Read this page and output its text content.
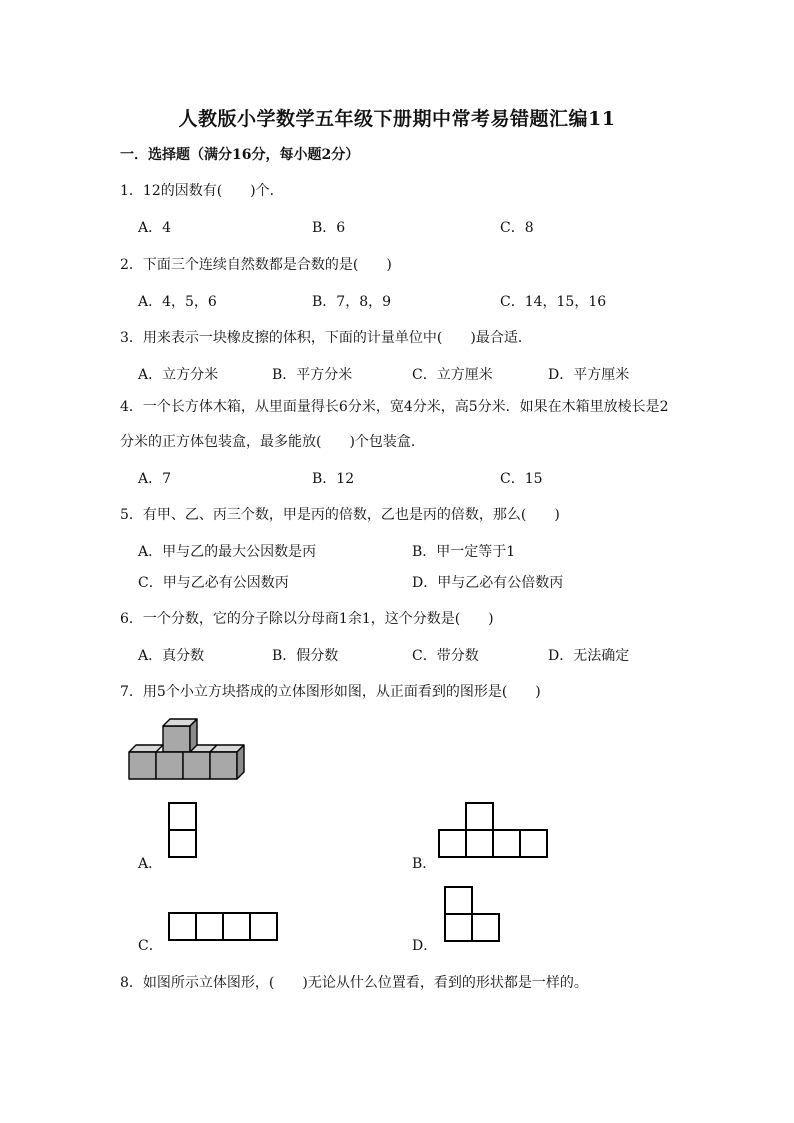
人教版小学数学五年级下册期中常考易错题汇编11
一．选择题（满分16分，每小题2分）
1．12的因数有(　　)个．
A．4	B．6	C．8
2．下面三个连续自然数都是合数的是(　　)
A．4，5，6	B．7，8，9	C．14，15，16
3．用来表示一块橡皮擦的体积，下面的计量单位中(　　)最合适．
A．立方分米	B．平方分米	C．立方厘米	D．平方厘米
4．一个长方体木箱，从里面量得长6分米，宽4分米，高5分米．如果在木箱里放棱长是2
分米的正方体包装盒，最多能放(　　)个包装盒．
A．7	B．12	C．15
5．有甲、乙、丙三个数，甲是丙的倍数，乙也是丙的倍数，那么(　　)
A．甲与乙的最大公因数是丙	B．甲一定等于1
C．甲与乙必有公因数丙	D．甲与乙必有公倍数丙
6．一个分数，它的分子除以分母商1余1，这个分数是(　　)
A．真分数	B．假分数	C．带分数	D．无法确定
7．用5个小立方块搭成的立体图形如图，从正面看到的图形是(　　)
A．	B．
C．	D．
8．如图所示立体图形，(　　)无论从什么位置看，看到的形状都是一样的。
